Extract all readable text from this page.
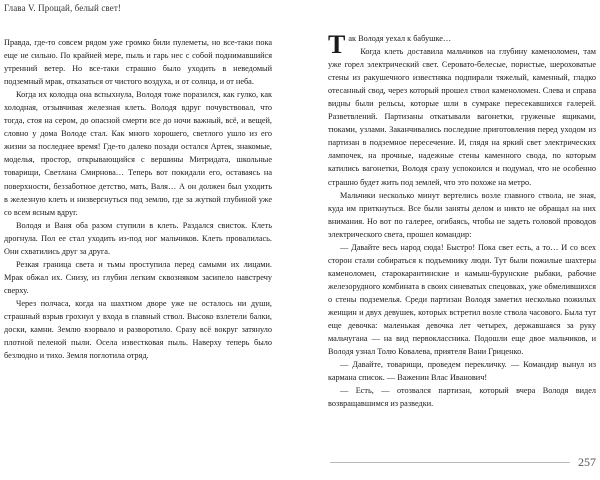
Глава V. Прощай, белый свет!

Правда, где-то совсем рядом уже громко били пулеметы, но все-таки пока еще не сильно. По крайней мере, пыль и гарь нес с собой поднимавшийся утренний ветер. Но все-таки страшно было уходить в неведомый подземный мрак, отказаться от чистого воздуха, и от солнца, и от неба.

Когда их колодца она вспыхнула, Володя тоже поразился, как гулко, как холодная, отзывчивая железная клеть. Володя вдруг почувствовал, что тогда, стоя на сером, до опасной смерти все до ночи важный, всё, и вещей, словно у дома Володе стал. Как много хорошего, светлого ушло из его жизни за последнее время! Где-то далеко позади остался Артек, знакомые, моделья, простор, открывающийся с вершины Митридата, школьные товарищи, Светлана Смирнова… Теперь вот покидали его, оставаясь на поверхности, беззаботное детство, мать, Валя… А он должен был уходить в железную клеть и низвергнуться под землю, где за жуткой глубиной уже со всем ясным вдруг.

Володя и Ваня оба разом ступили в клеть. Раздался свисток. Клеть дрогнула. Пол ее стал уходить из-под ног мальчиков. Клеть провалилась. Они схватились друг за друга.

Резкая граница света и тьмы проступила перед самыми их лицами. Мрак обжал их. Снизу, из глубин легким сквозняком засипело навстречу сверху.

Через полчаса, когда на шахтном дворе уже не осталось ни души, страшный взрыв грохнул у входа в главный ствол. Высоко взлетели балки, доски, камни. Землю взорвало и разворотило. Сразу всё вокруг затянуло плотной пеленой пыли. Осела известковая пыль. Наверху теперь было безлюдно и тихо. Земля поглотила отряд.

Так Володя уехал к бабушке…

Когда клеть доставила мальчиков на глубину каменоломен, там уже горел электрический свет. Серовато-белесые, пористые, шероховатые стены из ракушечного известняка подпирали тяжелый, каменный, гладко отесанный свод, через который прошел ствол каменоломен. Слева и справа видны были рельсы, которые шли в сумраке пересекавшихся галерей. Разветвлений. Партизаны откатывали вагонетки, груженые ящиками, тюками, узлами. Заканчивались последние приготовления перед уходом из партизан в подземное пересечение. И, глядя на яркий свет электрических лампочек, на прочные, надежные стены каменного свода, по которым катились вагонетки, Володя сразу успокоился и подумал, что не особенно страшно будет жить под землей, что это похоже на метро.

Мальчики несколько минут вертелись возле главного ствола, не зная, куда им приткнуться. Все были заняты делом и никто не обращал на них внимания. Но вот по галерее, огибаясь, чтобы не задеть головой проводов электрического света, прошел командир:

— Давайте весь народ сюда! Быстро! Пока свет есть, а то… И со всех сторон стали собираться к подъемнику люди. Тут были пожилые шахтеры каменоломен, старокарантинские и камыш-бурунские рыбаки, рабочие железорудного комбината в своих синеватых спецовках, уже обмелившихся о стены подземелья. Среди партизан Володя заметил несколько пожилых женщин и двух девушек, которых встретил возле ствола часового. Была тут еще девочка: маленькая девочка лет четырех, державшаяся за руку мальчугана — на вид первоклассника. Подошли еще двое мальчиков, и Володя узнал Толю Ковалева, приятеля Вани Гриценко.

— Давайте, товарищи, проведем перекличку. — Командир вынул из кармана список. — Важенин Влас Иванович!

— Есть, — отозвался партизан, который вчера Володя видел возвращавшимся из разведки.

257
